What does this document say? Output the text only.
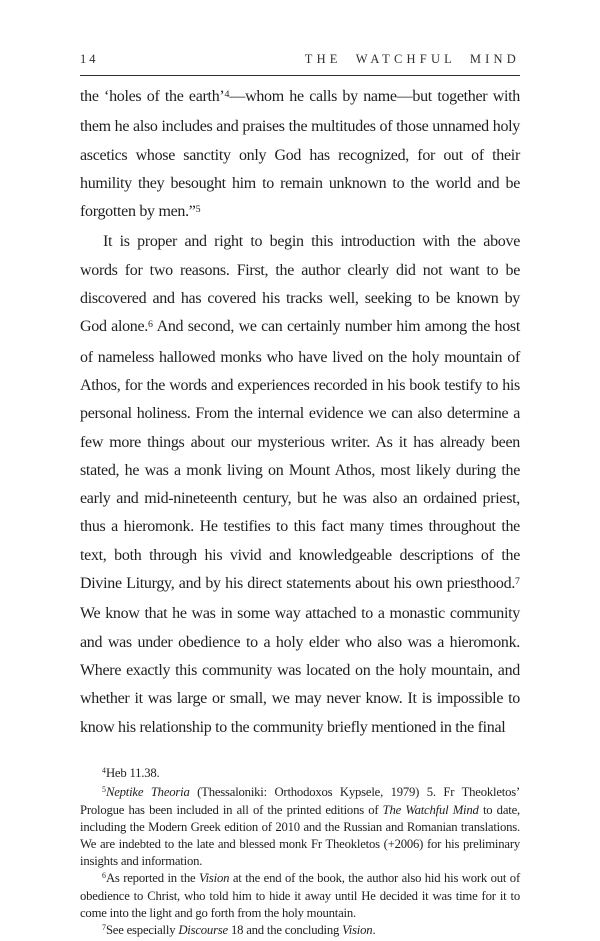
14	THE WATCHFUL MIND

the ‘holes of the earth’$^4$—whom he calls by name—but together with them he also includes and praises the multitudes of those unnamed holy ascetics whose sanctity only God has recognized, for out of their humility they besought him to remain unknown to the world and be forgotten by men.”$^5$

It is proper and right to begin this introduction with the above words for two reasons. First, the author clearly did not want to be discovered and has covered his tracks well, seeking to be known by God alone.$^6$ And second, we can certainly number him among the host of nameless hallowed monks who have lived on the holy mountain of Athos, for the words and experiences recorded in his book testify to his personal holiness. From the internal evidence we can also determine a few more things about our mysterious writer. As it has already been stated, he was a monk living on Mount Athos, most likely during the early and mid-nineteenth century, but he was also an ordained priest, thus a hieromonk. He testifies to this fact many times throughout the text, both through his vivid and knowledgeable descriptions of the Divine Liturgy, and by his direct statements about his own priesthood.$^7$ We know that he was in some way attached to a monastic community and was under obedience to a holy elder who also was a hieromonk. Where exactly this community was located on the holy mountain, and whether it was large or small, we may never know. It is impossible to know his relationship to the community briefly mentioned in the final

$^4$Heb 11.38.

$^5$Neptike Theoria (Thessaloniki: Orthodoxos Kypsele, 1979) 5. Fr Theokletos’ Prologue has been included in all of the printed editions of The Watchful Mind to date, including the Modern Greek edition of 2010 and the Russian and Romanian translations. We are indebted to the late and blessed monk Fr Theokletos (+2006) for his preliminary insights and information.

$^6$As reported in the Vision at the end of the book, the author also hid his work out of obedience to Christ, who told him to hide it away until He decided it was time for it to come into the light and go forth from the holy mountain.

$^7$See especially Discourse 18 and the concluding Vision.
